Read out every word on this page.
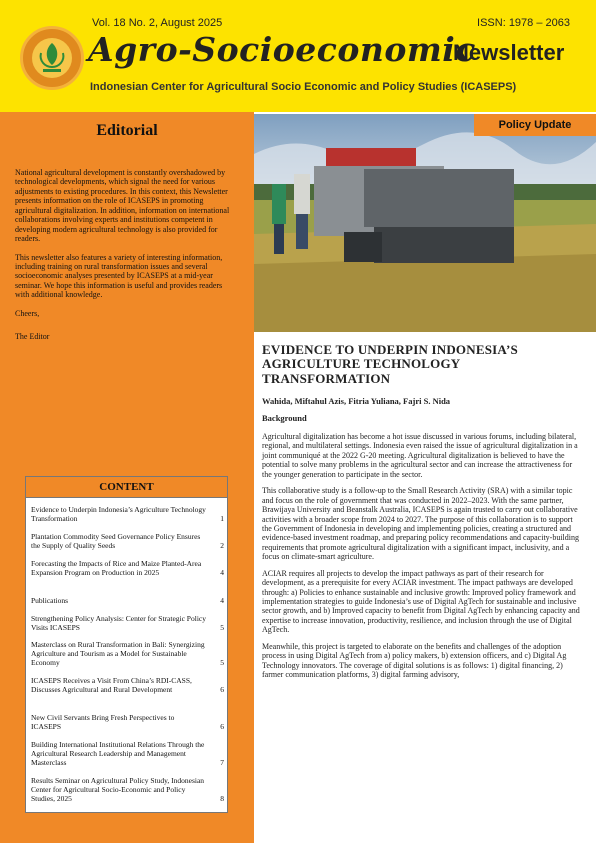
Vol. 18 No. 2, August 2025	ISSN: 1978 – 2063
Agro-Socioeconomic
Newsletter
Indonesian Center for Agricultural Socio Economic and Policy Studies (ICASEPS)
Editorial

National agricultural development is constantly overshadowed by technological developments, which signal the need for various adjustments to existing procedures. In this context, this Newsletter presents information on the role of ICASEPS in promoting agricultural digitalization. In addition, information on international collaborations involving experts and institutions competent in developing modern agricultural technology is also provided for readers.

This newsletter also features a variety of interesting information, including training on rural transformation issues and several socioeconomic analyses presented by ICASEPS at a mid-year seminar. We hope this information is useful and provides readers with additional knowledge.

Cheers,

The Editor

CONTENT
Evidence to Underpin Indonesia’s Agriculture Technology Transformation	1
Plantation Commodity Seed Governance Policy Ensures the Supply of Quality Seeds	2
Forecasting the Impacts of Rice and Maize Planted-Area Expansion Program on Production in 2025	4
Publications	4
Strengthening Policy Analysis: Center for Strategic Policy Visits ICASEPS	5
Masterclass on Rural Transformation in Bali: Synergizing Agriculture and Tourism as a Model for Sustainable Economy	5
ICASEPS Receives a Visit From China’s RDI-CASS, Discusses Agricultural and Rural Development	6
New Civil Servants Bring Fresh Perspectives to ICASEPS	6
Building International Institutional Relations Through the Agricultural Research Leadership and Management Masterclass	7
Results Seminar on Agricultural Policy Study, Indonesian Center for Agricultural Socio-Economic and Policy Studies, 2025	8
Policy Update
EVIDENCE TO UNDERPIN INDONESIA’S AGRICULTURE TECHNOLOGY TRANSFORMATION
Wahida, Miftahul Azis, Fitria Yuliana, Fajri S. Nida
Background

Agricultural digitalization has become a hot issue discussed in various forums, including bilateral, regional, and multilateral settings. Indonesia even raised the issue of agricultural digitalization in a joint communiqué at the 2022 G-20 meeting. Agricultural digitalization is believed to have the potential to solve many problems in the agricultural sector and can increase the attractiveness for the younger generation to participate in the sector.

This collaborative study is a follow-up to the Small Research Activity (SRA) with a similar topic and focus on the role of government that was conducted in 2022–2023. With the same partner, Brawijaya University and Beanstalk Australia, ICASEPS is again trusted to carry out collaborative activities with a broader scope from 2024 to 2027. The purpose of this collaboration is to support the Government of Indonesia in developing and implementing policies, creating a structured and evidence-based investment roadmap, and preparing policy recommendations and capacity-building requirements that promote agricultural digitalization with a significant impact, inclusivity, and a focus on climate-smart agriculture.

ACIAR requires all projects to develop the impact pathways as part of their research for development, as a prerequisite for every ACIAR investment. The impact pathways are developed through: a) Policies to enhance sustainable and inclusive growth: Improved policy framework and implementation strategies to guide Indonesia’s use of Digital AgTech for sustainable and inclusive sector growth, and b) Improved capacity to benefit from Digital AgTech by enhancing capacity and expertise to increase innovation, productivity, resilience, and inclusion through the use of Digital AgTech.

Meanwhile, this project is targeted to elaborate on the benefits and challenges of the adoption process in using Digital AgTech from a) policy makers, b) extension officers, and c) Digital Ag Technology innovators. The coverage of digital solutions is as follows: 1) digital financing, 2) farmer communication platforms, 3) digital farming advisory,
